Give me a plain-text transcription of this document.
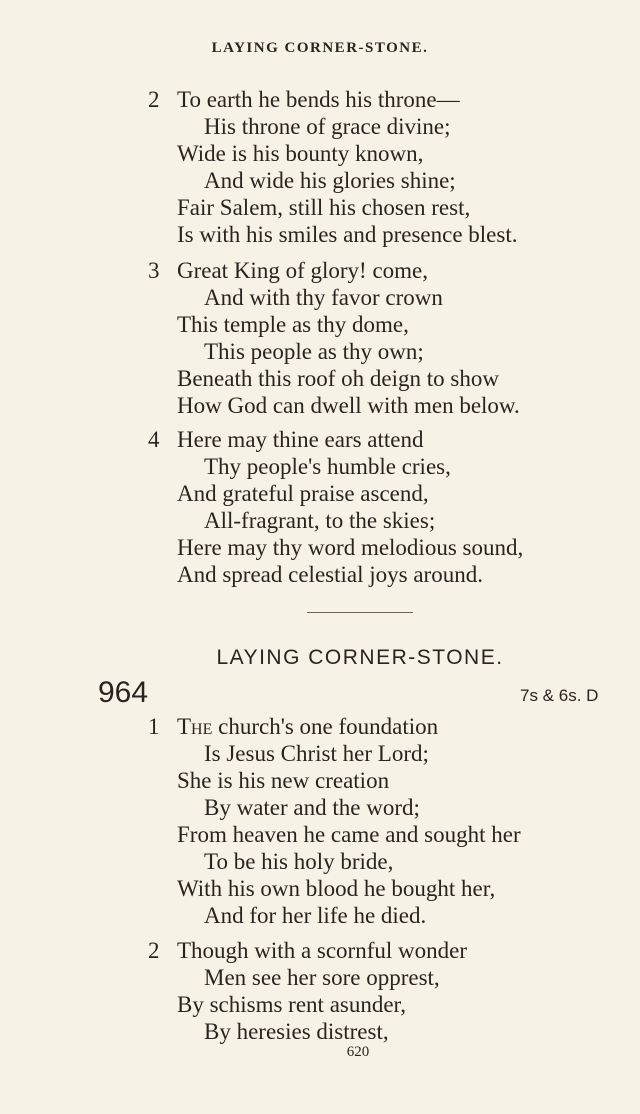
LAYING CORNER-STONE.
2 To earth he bends his throne—
His throne of grace divine;
Wide is his bounty known,
And wide his glories shine;
Fair Salem, still his chosen rest,
Is with his smiles and presence blest.
3 Great King of glory! come,
And with thy favor crown
This temple as thy dome,
This people as thy own;
Beneath this roof oh deign to show
How God can dwell with men below.
4 Here may thine ears attend
Thy people's humble cries,
And grateful praise ascend,
All-fragrant, to the skies;
Here may thy word melodious sound,
And spread celestial joys around.
LAYING CORNER-STONE.
964	7s & 6s. D
1 The church's one foundation
Is Jesus Christ her Lord;
She is his new creation
By water and the word;
From heaven he came and sought her
To be his holy bride,
With his own blood he bought her,
And for her life he died.
2 Though with a scornful wonder
Men see her sore opprest,
By schisms rent asunder,
By heresies distrest,
620
